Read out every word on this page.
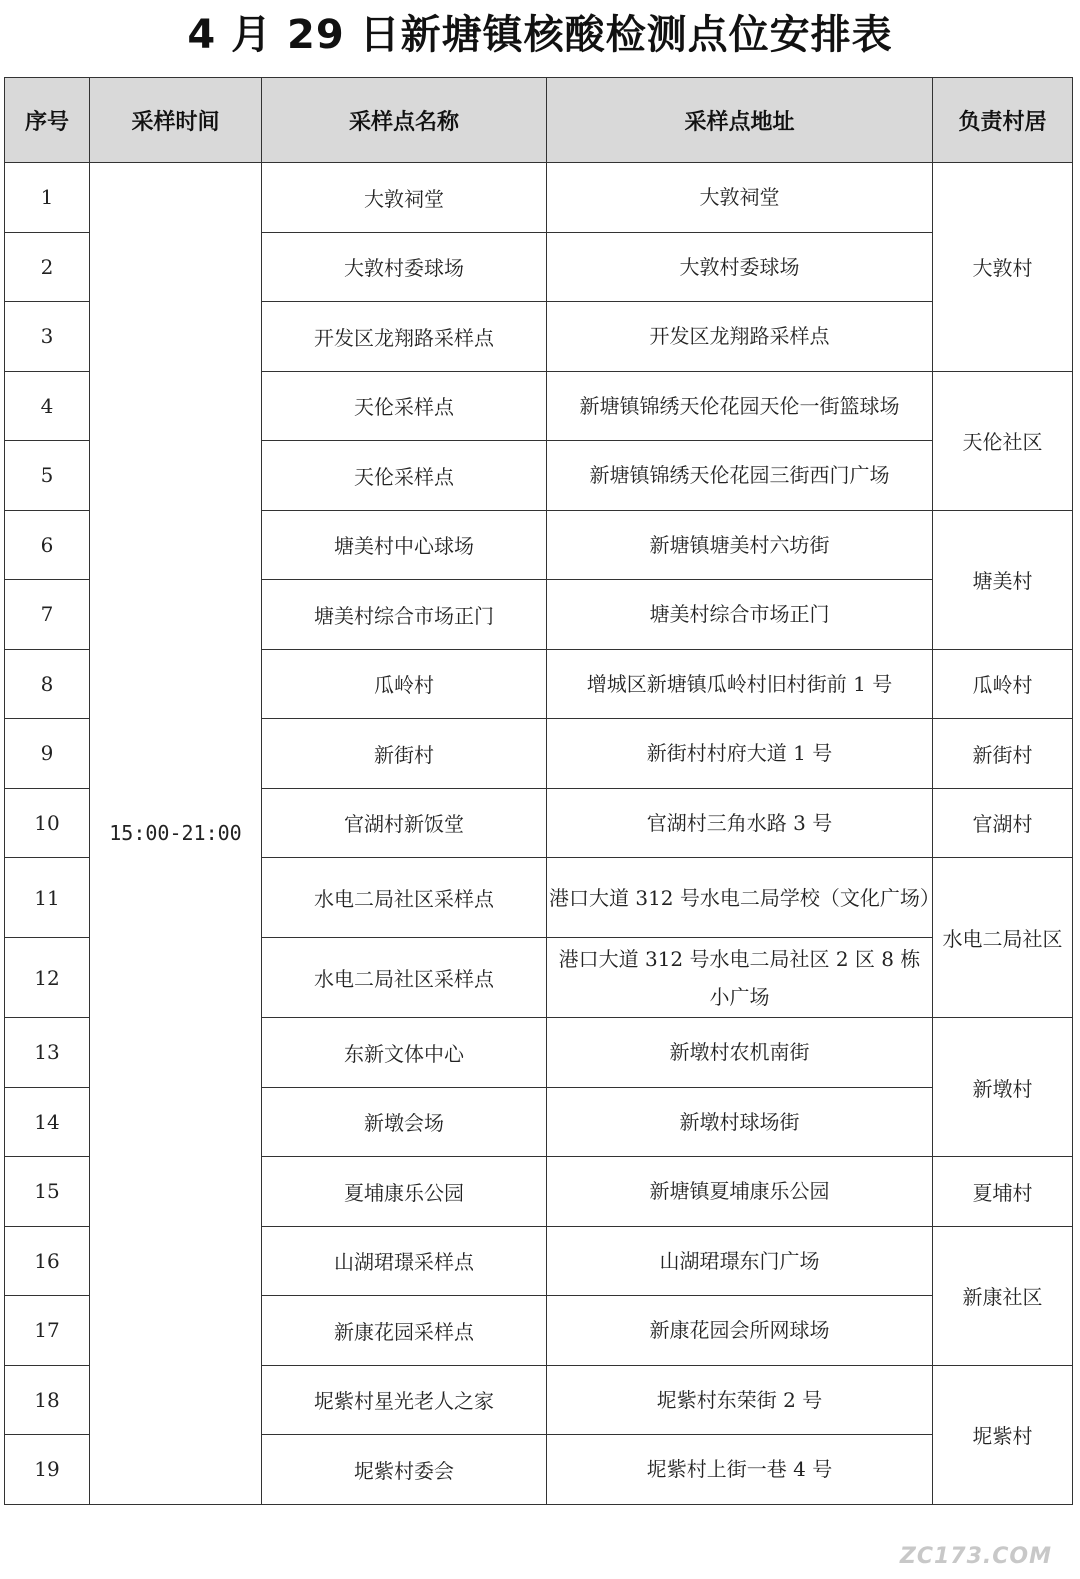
4 月 29 日新塘镇核酸检测点位安排表
序号	采样时间	采样点名称	采样点地址	负责村居
1	15:00-21:00	大敦祠堂	大敦祠堂	大敦村
2		大敦村委球场	大敦村委球场	
3		开发区龙翔路采样点	开发区龙翔路采样点	
4		天伦采样点	新塘镇锦绣天伦花园天伦一街篮球场	天伦社区
5		天伦采样点	新塘镇锦绣天伦花园三街西门广场	
6		塘美村中心球场	新塘镇塘美村六坊街	塘美村
7		塘美村综合市场正门	塘美村综合市场正门	
8		瓜岭村	增城区新塘镇瓜岭村旧村街前 1 号	瓜岭村
9		新街村	新街村村府大道 1 号	新街村
10		官湖村新饭堂	官湖村三角水路 3 号	官湖村
11		水电二局社区采样点	港口大道 312 号水电二局学校（文化广场）	水电二局社区
12		水电二局社区采样点	港口大道 312 号水电二局社区 2 区 8 栋小广场	
13		东新文体中心	新墩村农机南街	新墩村
14		新墩会场	新墩村球场街	
15		夏埔康乐公园	新塘镇夏埔康乐公园	夏埔村
16		山湖珺璟采样点	山湖珺璟东门广场	新康社区
17		新康花园采样点	新康花园会所网球场	
18		坭紫村星光老人之家	坭紫村东荣街 2 号	坭紫村
19		坭紫村委会	坭紫村上街一巷 4 号	
ZC173.COM
